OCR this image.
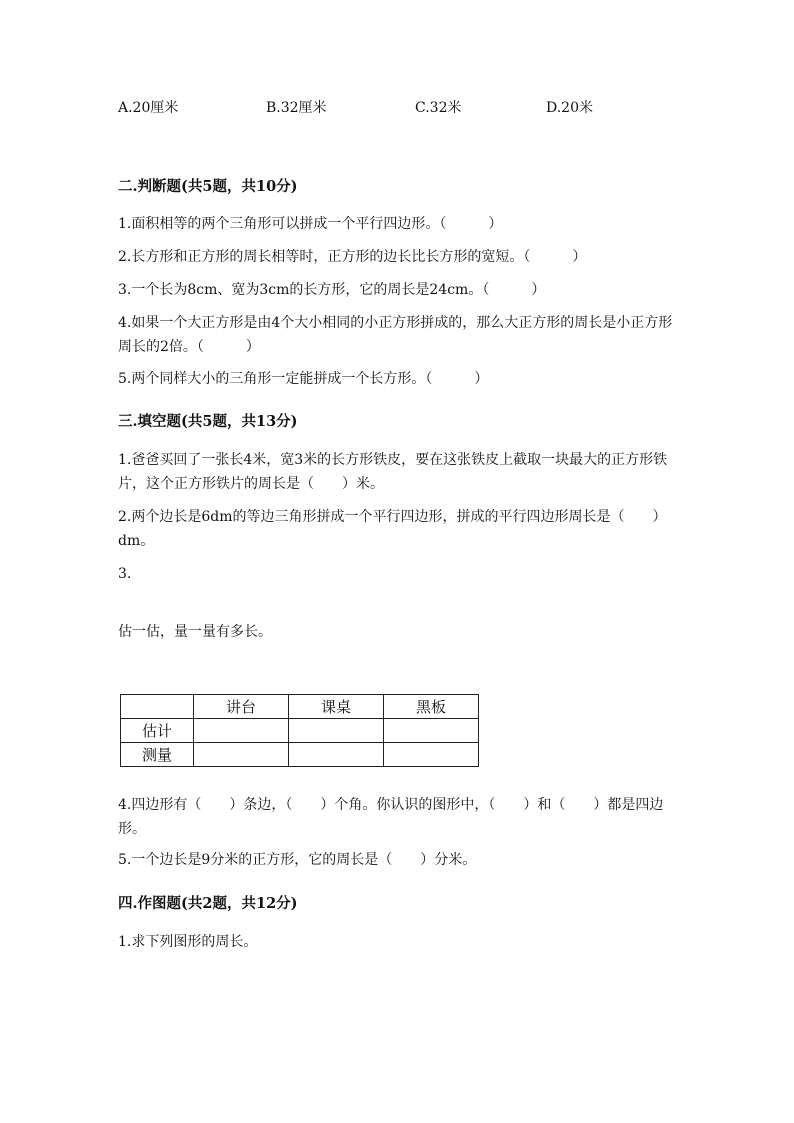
A.20厘米	B.32厘米	C.32米	D.20米
二.判断题(共5题，共10分)
1.面积相等的两个三角形可以拼成一个平行四边形。（　　　）
2.长方形和正方形的周长相等时，正方形的边长比长方形的宽短。（　　　）
3.一个长为8cm、宽为3cm的长方形，它的周长是24cm。（　　　）
4.如果一个大正方形是由4个大小相同的小正方形拼成的，那么大正方形的周长是小正方形周长的2倍。（　　　）
5.两个同样大小的三角形一定能拼成一个长方形。（　　　）
三.填空题(共5题，共13分)
1.爸爸买回了一张长4米，宽3米的长方形铁皮，要在这张铁皮上截取一块最大的正方形铁片，这个正方形铁片的周长是（　　）米。
2.两个边长是6dm的等边三角形拼成一个平行四边形，拼成的平行四边形周长是（　　）dm。
3.
估一估，量一量有多长。
	讲台	课桌	黑板
估计			
测量			
4.四边形有（　　）条边，（　　）个角。你认识的图形中，（　　）和（　　）都是四边形。
5.一个边长是9分米的正方形，它的周长是（　　）分米。
四.作图题(共2题，共12分)
1.求下列图形的周长。
